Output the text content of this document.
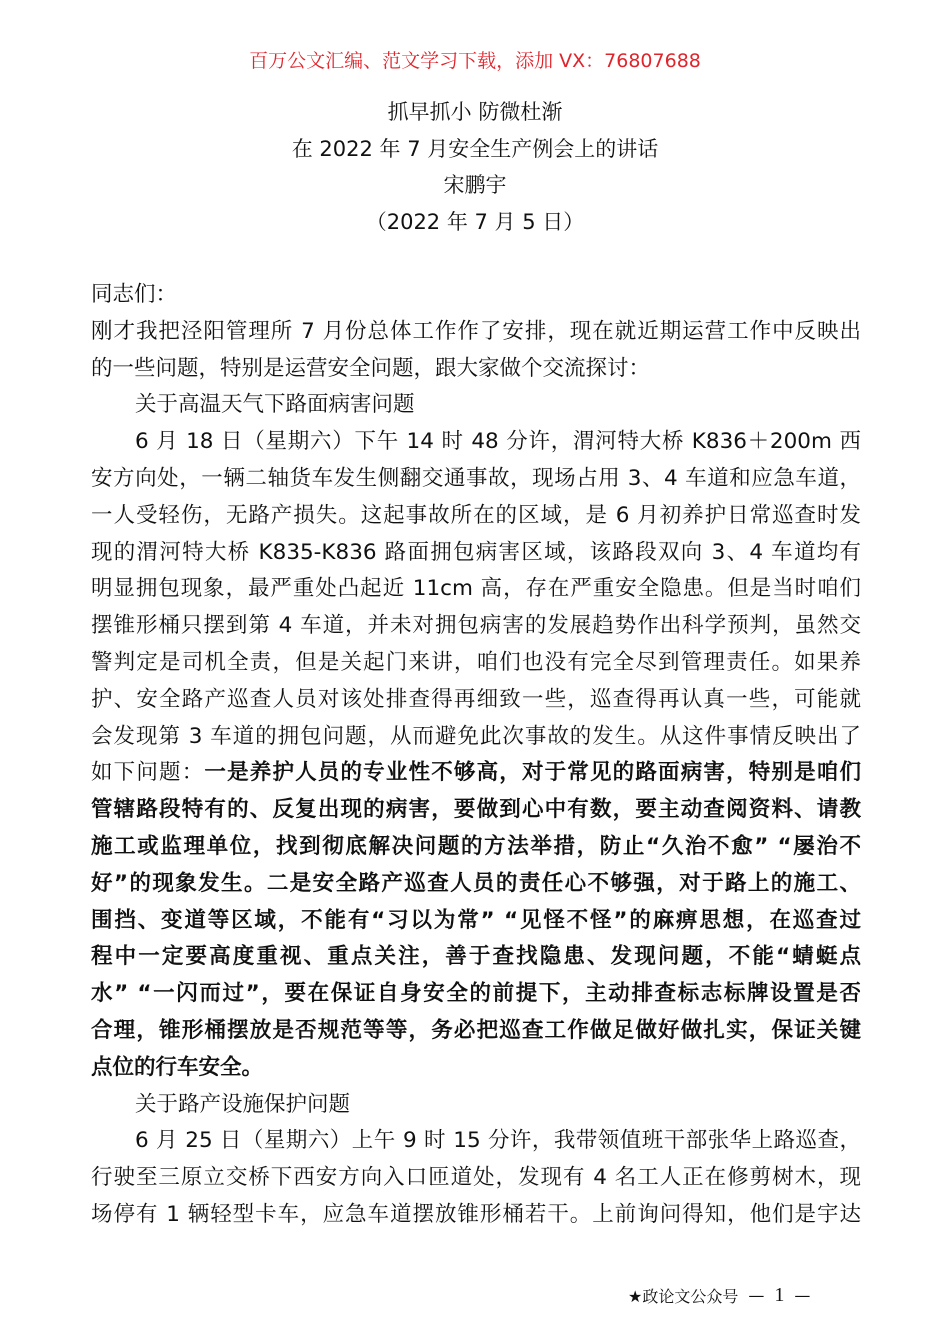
百万公文汇编、范文学习下载，添加 VX：76807688
抓早抓小 防微杜渐
在 2022 年 7 月安全生产例会上的讲话
宋鹏宇
（2022 年 7 月 5 日）
同志们：
刚才我把泾阳管理所 7 月份总体工作作了安排，现在就近期运营工作中反映出
的一些问题，特别是运营安全问题，跟大家做个交流探讨：
关于高温天气下路面病害问题
6 月 18 日（星期六）下午 14 时 48 分许，渭河特大桥 K836＋200m 西
安方向处，一辆二轴货车发生侧翻交通事故，现场占用 3、4 车道和应急车道，
一人受轻伤，无路产损失。这起事故所在的区域，是 6 月初养护日常巡查时发
现的渭河特大桥 K835-K836 路面拥包病害区域，该路段双向 3、4 车道均有
明显拥包现象，最严重处凸起近 11cm 高，存在严重安全隐患。但是当时咱们
摆锥形桶只摆到第 4 车道，并未对拥包病害的发展趋势作出科学预判，虽然交
警判定是司机全责，但是关起门来讲，咱们也没有完全尽到管理责任。如果养
护、安全路产巡查人员对该处排查得再细致一些，巡查得再认真一些，可能就
会发现第 3 车道的拥包问题，从而避免此次事故的发生。从这件事情反映出了
如下问题：一是养护人员的专业性不够高，对于常见的路面病害，特别是咱们
管辖路段特有的、反复出现的病害，要做到心中有数，要主动查阅资料、请教
施工或监理单位，找到彻底解决问题的方法举措，防止“久治不愈” “屡治不
好”的现象发生。二是安全路产巡查人员的责任心不够强，对于路上的施工、
围挡、变道等区域，不能有“习以为常” “见怪不怪”的麻痹思想，在巡查过
程中一定要高度重视、重点关注，善于查找隐患、发现问题，不能“蜻蜓点
水” “一闪而过”，要在保证自身安全的前提下，主动排查标志标牌设置是否
合理，锥形桶摆放是否规范等等，务必把巡查工作做足做好做扎实，保证关键
点位的行车安全。
关于路产设施保护问题
6 月 25 日（星期六）上午 9 时 15 分许，我带领值班干部张华上路巡查，
行驶至三原立交桥下西安方向入口匝道处，发现有 4 名工人正在修剪树木，现
场停有 1 辆轻型卡车，应急车道摆放锥形桶若干。上前询问得知，他们是宇达
★政论文公众号 — 1 —
